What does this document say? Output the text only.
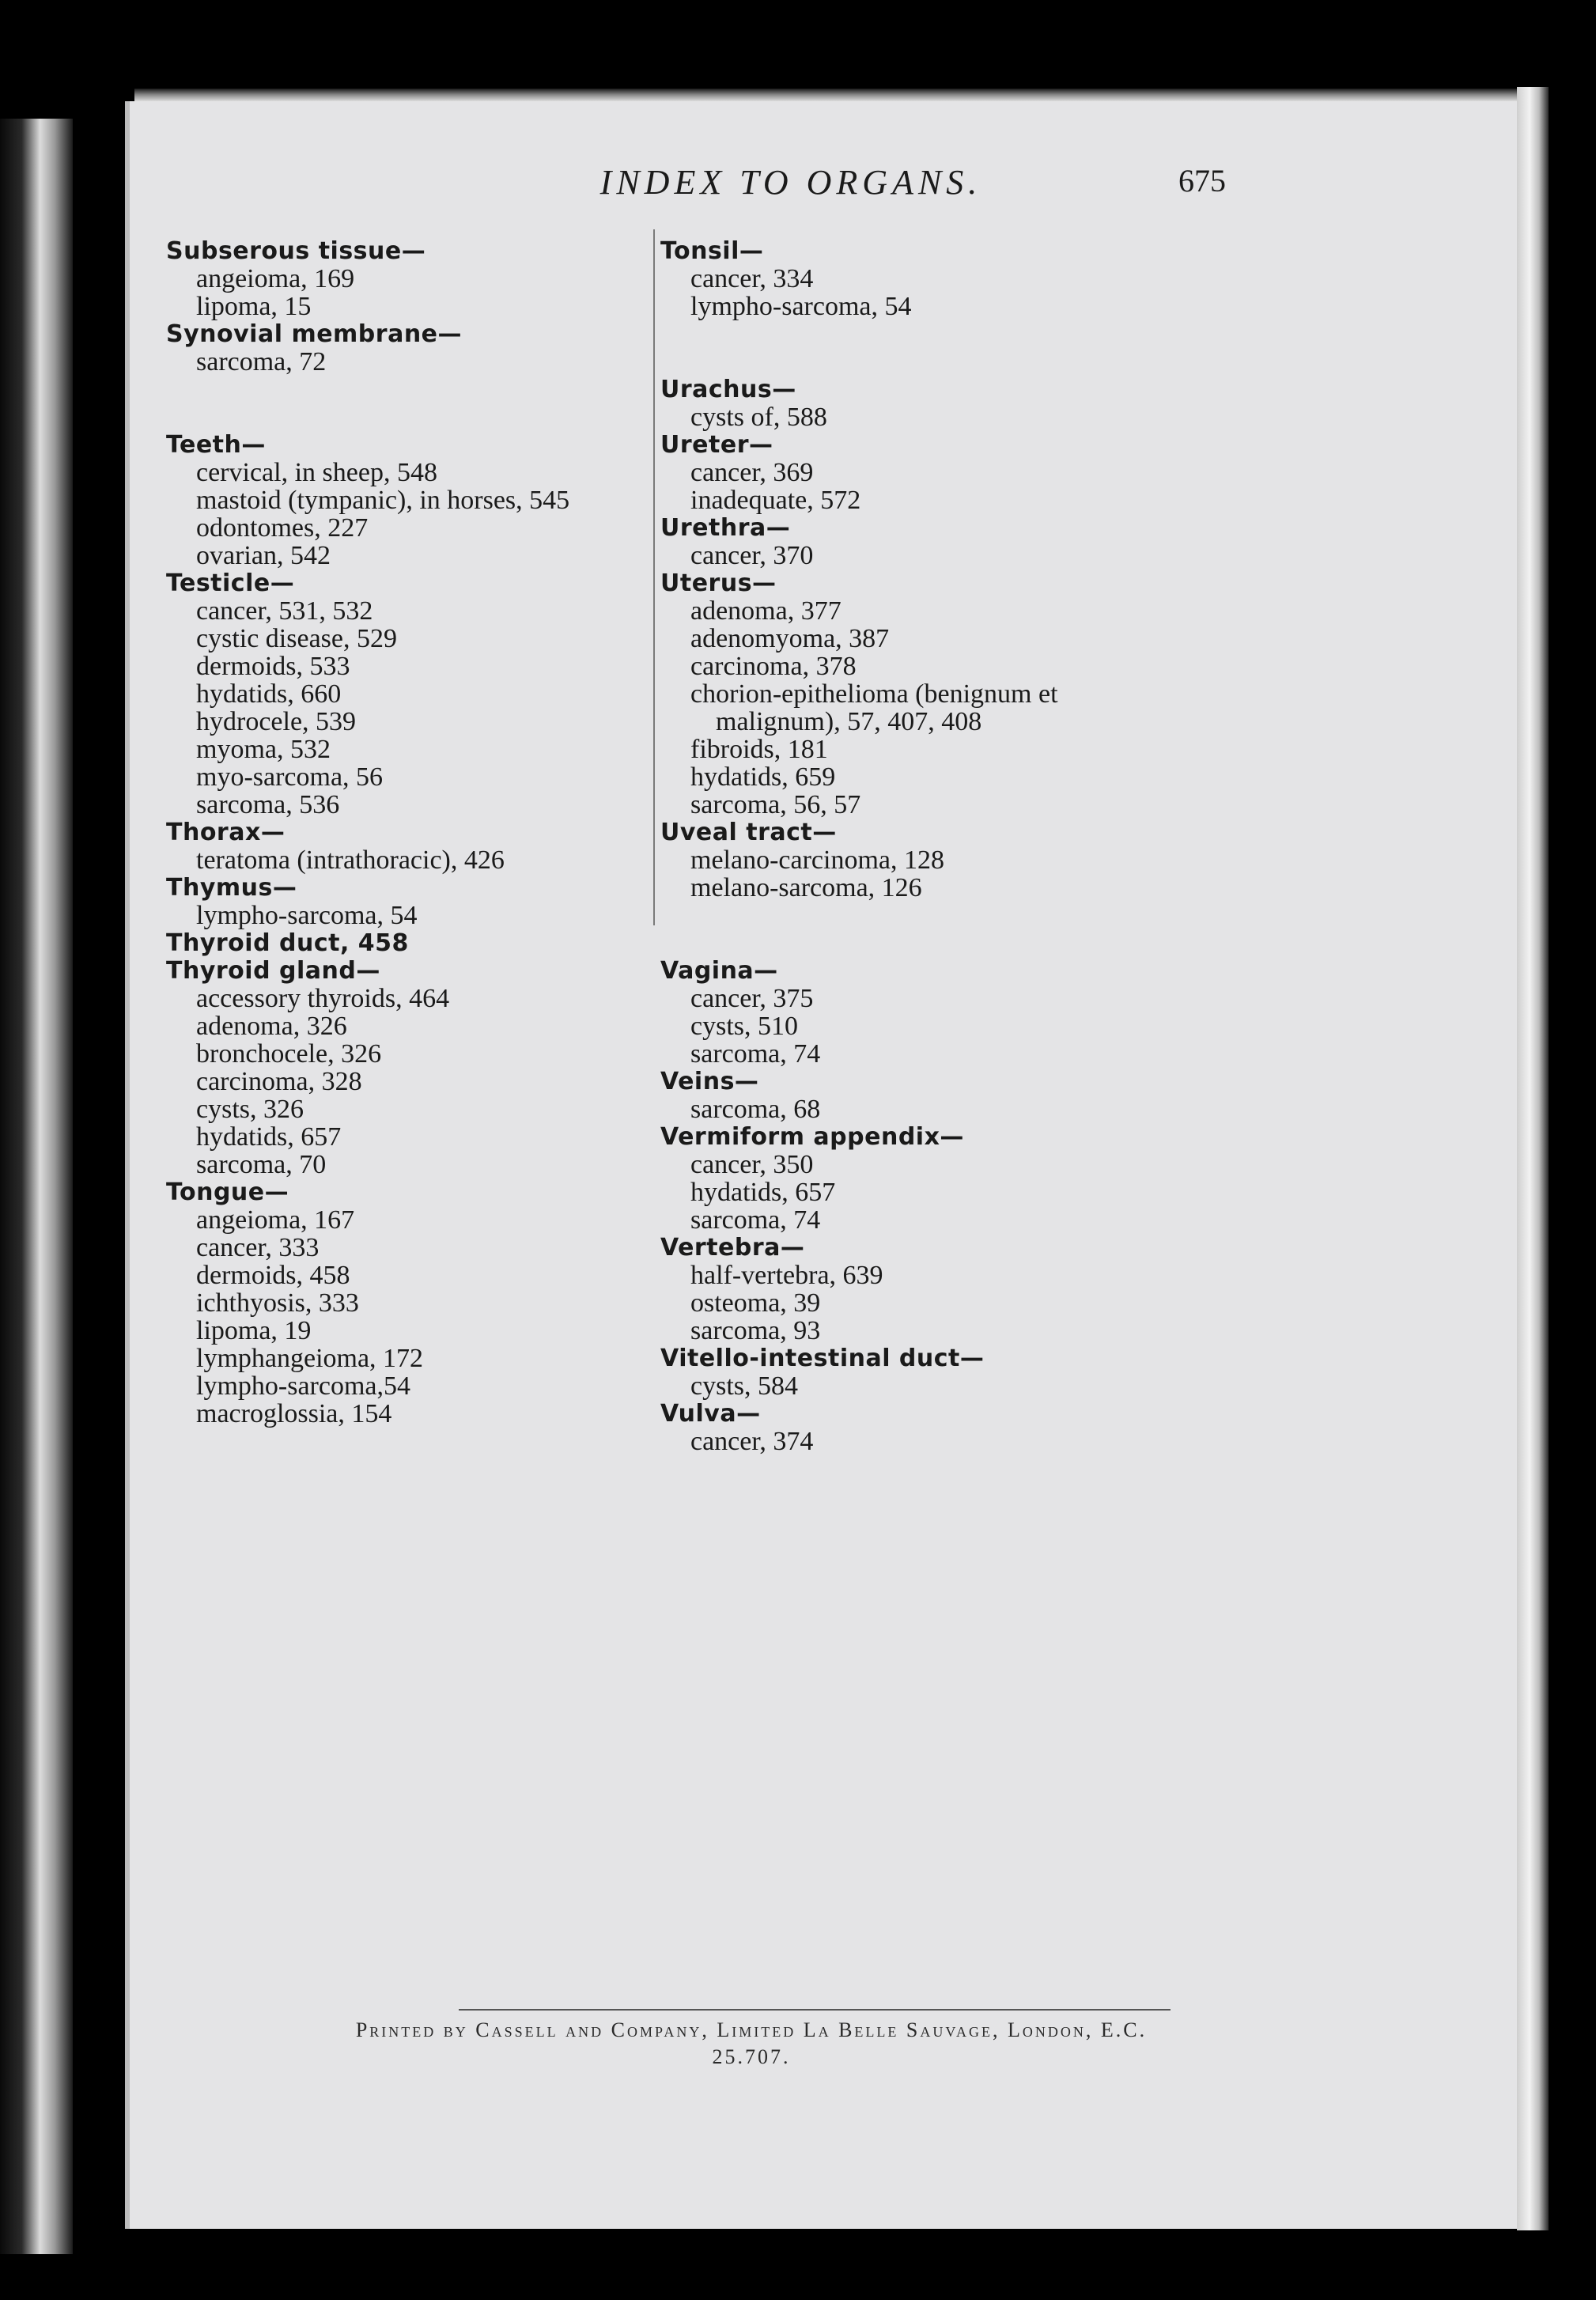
INDEX TO ORGANS.	675
Subserous tissue—
angeioma, 169
lipoma, 15
Synovial membrane—
sarcoma, 72
Teeth—
cervical, in sheep, 548
mastoid (tympanic), in horses, 545
odontomes, 227
ovarian, 542
Testicle—
cancer, 531, 532
cystic disease, 529
dermoids, 533
hydatids, 660
hydrocele, 539
myoma, 532
myo-sarcoma, 56
sarcoma, 536
Thorax—
teratoma (intrathoracic), 426
Thymus—
lympho-sarcoma, 54
Thyroid duct, 458
Thyroid gland—
accessory thyroids, 464
adenoma, 326
bronchocele, 326
carcinoma, 328
cysts, 326
hydatids, 657
sarcoma, 70
Tongue—
angeioma, 167
cancer, 333
dermoids, 458
ichthyosis, 333
lipoma, 19
lymphangeioma, 172
lympho-sarcoma,54
macroglossia, 154
Tonsil—
cancer, 334
lympho-sarcoma, 54
Urachus—
cysts of, 588
Ureter—
cancer, 369
inadequate, 572
Urethra—
cancer, 370
Uterus—
adenoma, 377
adenomyoma, 387
carcinoma, 378
chorion-epithelioma (benignum et
malignum), 57, 407, 408
fibroids, 181
hydatids, 659
sarcoma, 56, 57
Uveal tract—
melano-carcinoma, 128
melano-sarcoma, 126
Vagina—
cancer, 375
cysts, 510
sarcoma, 74
Veins—
sarcoma, 68
Vermiform appendix—
cancer, 350
hydatids, 657
sarcoma, 74
Vertebra—
half-vertebra, 639
osteoma, 39
sarcoma, 93
Vitello-intestinal duct—
cysts, 584
Vulva—
cancer, 374
Printed by Cassell and Company, Limited La Belle Sauvage, London, E.C.
25.707.
